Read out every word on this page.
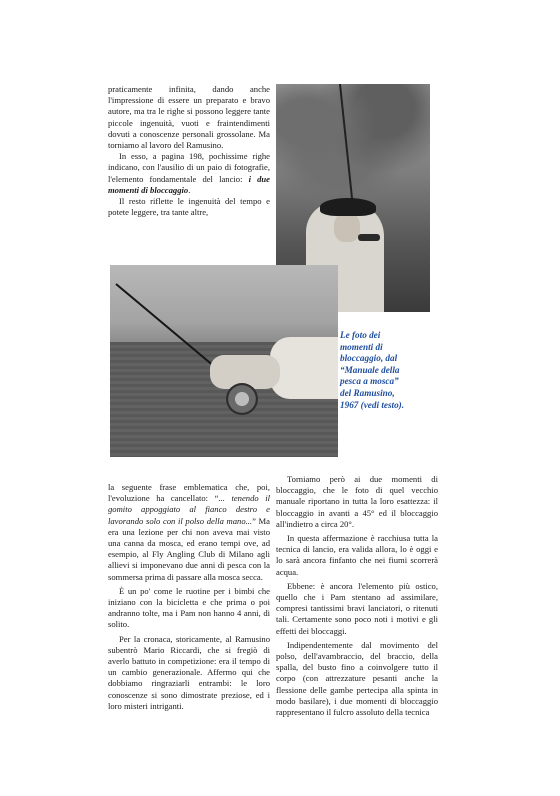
praticamente infinita, dando anche l'impressione di essere un preparato e bravo autore, ma tra le righe si possono leggere tante piccole ingenuità, vuoti e fraintendimenti dovuti a conoscenze personali grossolane. Ma torniamo al lavoro del Ramusino.

In esso, a pagina 198, pochissime righe indicano, con l'ausilio di un paio di fotografie, l'elemento fondamentale del lancio: i due momenti di bloccaggio.

Il resto riflette le ingenuità del tempo e potete leggere, tra tante altre,

Le foto dei
momenti di
bloccaggio, dal
“Manuale della
pesca a mosca”
del Ramusino,
1967 (vedi testo).

la seguente frase emblematica che, poi, l'evoluzione ha cancellato: “... tenendo il gomito appoggiato al fianco destro e lavorando solo con il polso della mano...” Ma era una lezione per chi non aveva mai visto una canna da mosca, ed erano tempi ove, ad esempio, al Fly Angling Club di Milano agli allievi si imponevano due anni di pesca con la sommersa prima di passare alla mosca secca.

È un po' come le ruotine per i bimbi che iniziano con la bicicletta e che prima o poi andranno tolte, ma i Pam non hanno 4 anni, di solito.

Per la cronaca, storicamente, al Ramusino subentrò Mario Riccardi, che si fregiò di averlo battuto in competizione: era il tempo di un cambio generazionale. Affermo qui che dobbiamo ringraziarli entrambi: le loro conoscenze si sono dimostrate preziose, ed i loro misteri intriganti.

Torniamo però ai due momenti di bloccaggio, che le foto di quel vecchio manuale riportano in tutta la loro esattezza: il bloccaggio in avanti a 45° ed il bloccaggio all'indietro a circa 20°.

In questa affermazione è racchiusa tutta la tecnica di lancio, era valida allora, lo è oggi e lo sarà ancora finfanto che nei fiumi scorrerà acqua.

Ebbene: è ancora l'elemento più ostico, quello che i Pam stentano ad assimilare, compresi tantissimi bravi lanciatori, o ritenuti tali. Certamente sono poco noti i motivi e gli effetti dei bloccaggi.

Indipendentemente dal movimento del polso, dell'avambraccio, del braccio, della spalla, del busto fino a coinvolgere tutto il corpo (con attrezzature pesanti anche la flessione delle gambe pertecipa alla spinta in modo basilare), i due momenti di bloccaggio rappresentano il fulcro assoluto della tecnica
